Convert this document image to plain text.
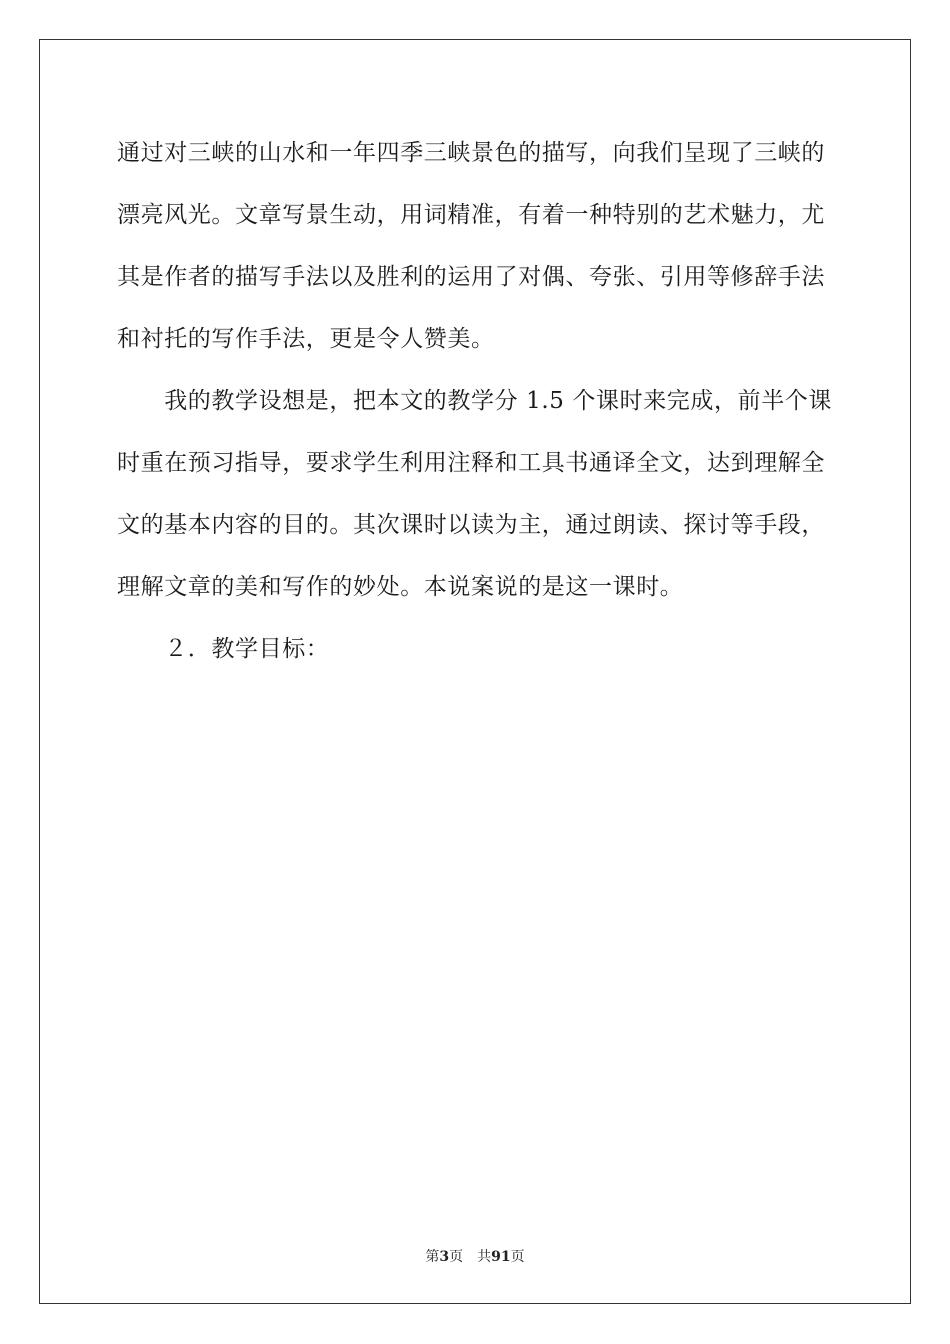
通过对三峡的山水和一年四季三峡景色的描写，向我们呈现了三峡的
漂亮风光。文章写景生动，用词精准，有着一种特别的艺术魅力，尤
其是作者的描写手法以及胜利的运用了对偶、夸张、引用等修辞手法
和衬托的写作手法，更是令人赞美。
　　我的教学设想是，把本文的教学分 1.5 个课时来完成，前半个课
时重在预习指导，要求学生利用注释和工具书通译全文，达到理解全
文的基本内容的目的。其次课时以读为主，通过朗读、探讨等手段，
理解文章的美和写作的妙处。本说案说的是这一课时。
　　２．教学目标：
第3页　共91页
